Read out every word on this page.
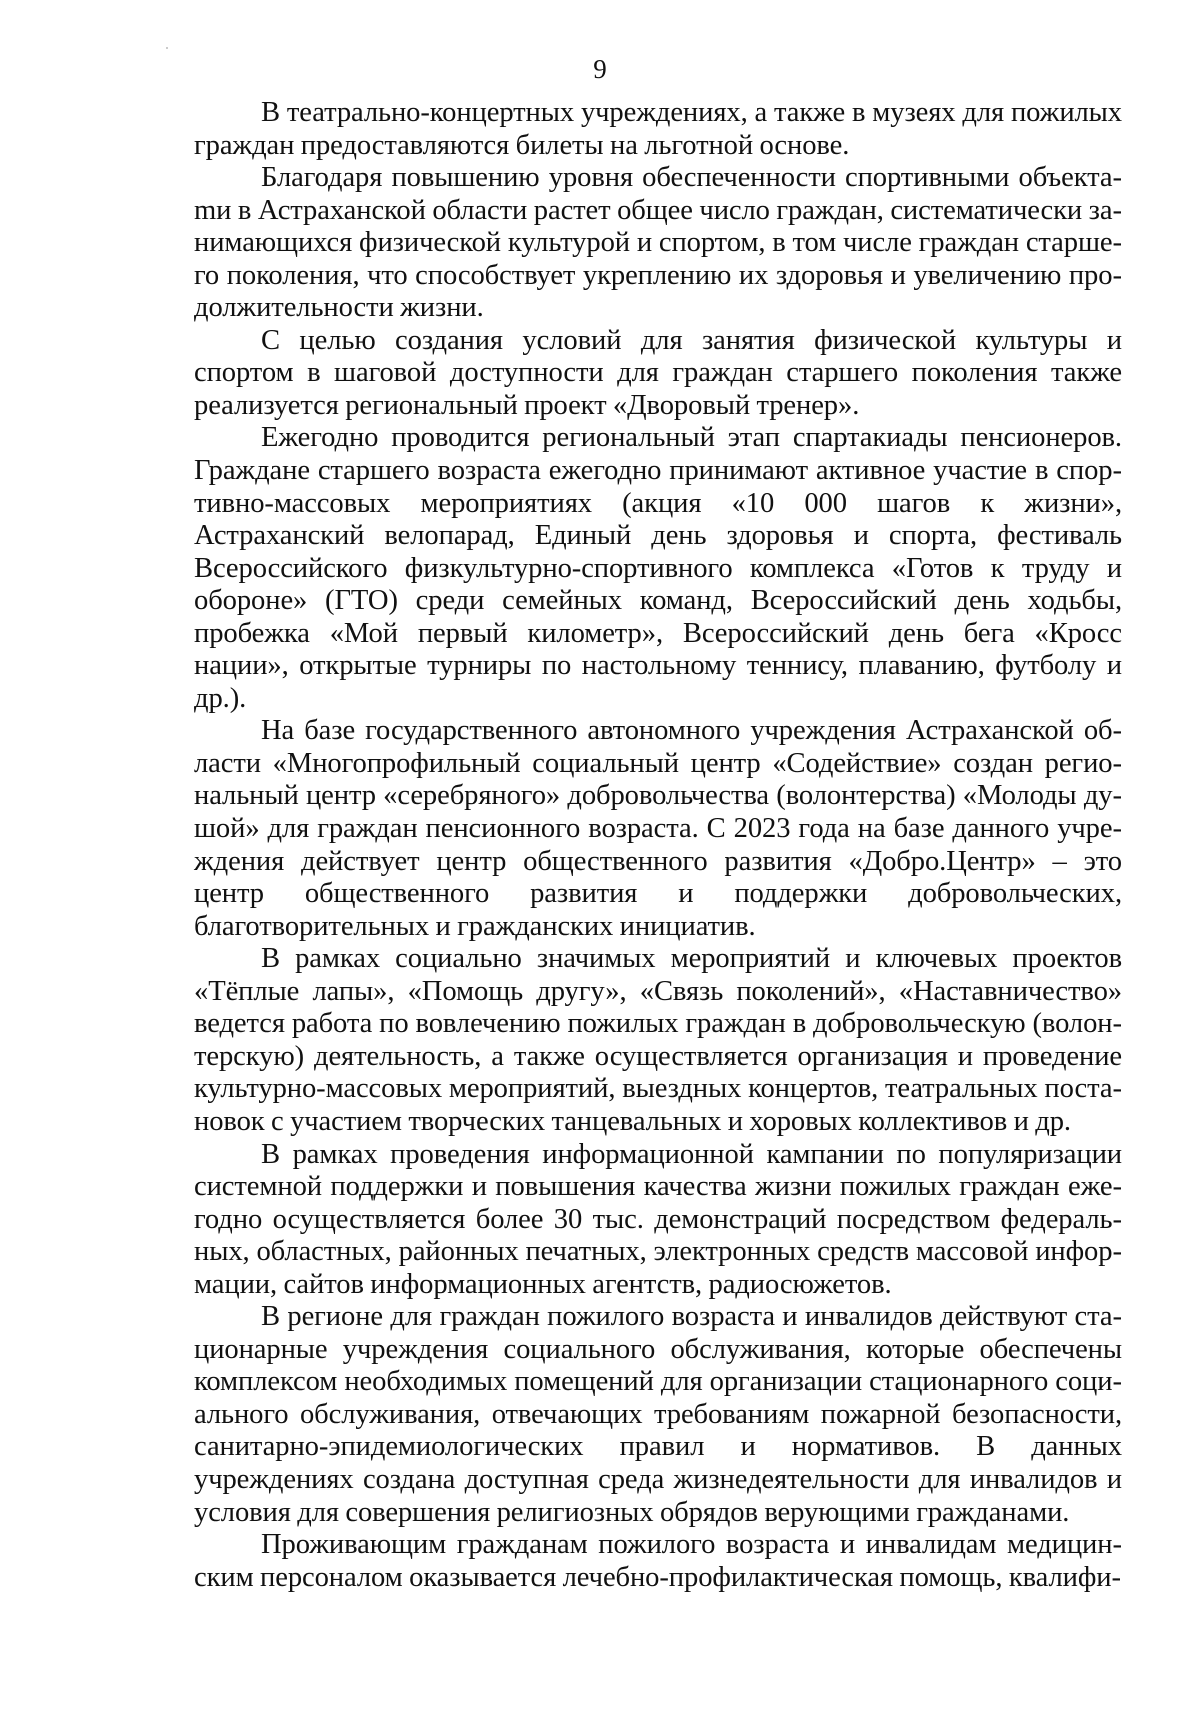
9

В театрально-концертных учреждениях, а также в музеях для пожилых граждан предоставляются билеты на льготной основе.

Благодаря повышению уровня обеспеченности спортивными объектаmи в Астраханской области растет общее число граждан, систематически занимающихся физической культурой и спортом, в том числе граждан старшего поколения, что способствует укреплению их здоровья и увеличению продолжительности жизни.

С целью создания условий для занятия физической культуры и спортом в шаговой доступности для граждан старшего поколения также реализуется региональный проект «Дворовый тренер».

Ежегодно проводится региональный этап спартакиады пенсионеров. Граждане старшего возраста ежегодно принимают активное участие в спортивно-массовых мероприятиях (акция «10 000 шагов к жизни», Астраханский велопарад, Единый день здоровья и спорта, фестиваль Всероссийского физкультурно-спортивного комплекса «Готов к труду и обороне» (ГТО) среди семейных команд, Всероссийский день ходьбы, пробежка «Мой первый километр», Всероссийский день бега «Кросс нации», открытые турниры по настольному теннису, плаванию, футболу и др.).

На базе государственного автономного учреждения Астраханской области «Многопрофильный социальный центр «Содействие» создан региональный центр «серебряного» добровольчества (волонтерства) «Молоды душой» для граждан пенсионного возраста. С 2023 года на базе данного учреждения действует центр общественного развития «Добро.Центр» – это центр общественного развития и поддержки добровольческих, благотворительных и гражданских инициатив.

В рамках социально значимых мероприятий и ключевых проектов «Тёплые лапы», «Помощь другу», «Связь поколений», «Наставничество» ведется работа по вовлечению пожилых граждан в добровольческую (волонтерскую) деятельность, а также осуществляется организация и проведение культурно-массовых мероприятий, выездных концертов, театральных постановок с участием творческих танцевальных и хоровых коллективов и др.

В рамках проведения информационной кампании по популяризации системной поддержки и повышения качества жизни пожилых граждан ежегодно осуществляется более 30 тыс. демонстраций посредством федеральных, областных, районных печатных, электронных средств массовой информации, сайтов информационных агентств, радиосюжетов.

В регионе для граждан пожилого возраста и инвалидов действуют стационарные учреждения социального обслуживания, которые обеспечены комплексом необходимых помещений для организации стационарного социального обслуживания, отвечающих требованиям пожарной безопасности, санитарно-эпидемиологических правил и нормативов. В данных учреждениях создана доступная среда жизнедеятельности для инвалидов и условия для совершения религиозных обрядов верующими гражданами.

Проживающим гражданам пожилого возраста и инвалидам медицинским персоналом оказывается лечебно-профилактическая помощь, квалифи-
